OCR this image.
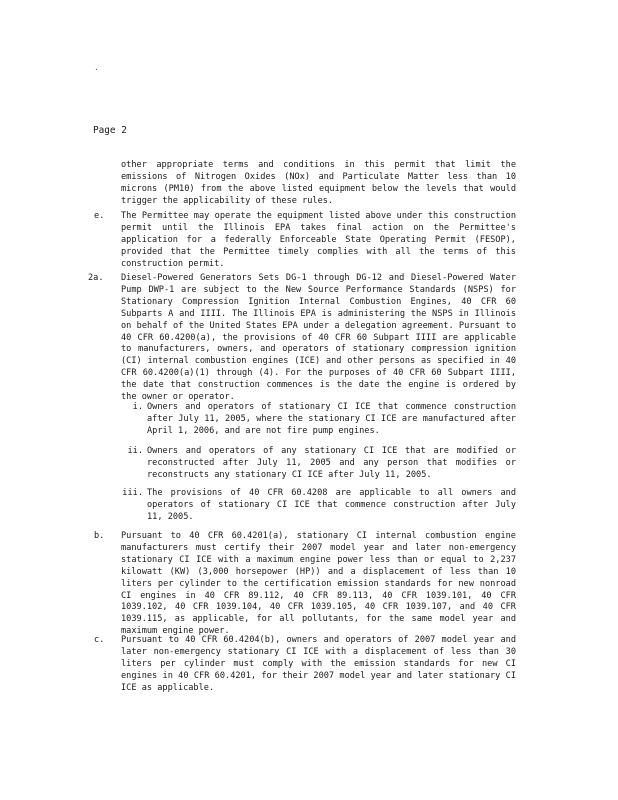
.
Page 2
other appropriate terms and conditions in this permit that limit the emissions of Nitrogen Oxides (NOx) and Particulate Matter less than 10 microns (PM10) from the above listed equipment below the levels that would trigger the applicability of these rules.
e. The Permittee may operate the equipment listed above under this construction permit until the Illinois EPA takes final action on the Permittee's application for a federally Enforceable State Operating Permit (FESOP), provided that the Permittee timely complies with all the terms of this construction permit.
2a. Diesel-Powered Generators Sets DG-1 through DG-12 and Diesel-Powered Water Pump DWP-1 are subject to the New Source Performance Standards (NSPS) for Stationary Compression Ignition Internal Combustion Engines, 40 CFR 60 Subparts A and IIII. The Illinois EPA is administering the NSPS in Illinois on behalf of the United States EPA under a delegation agreement. Pursuant to 40 CFR 60.4200(a), the provisions of 40 CFR 60 Subpart IIII are applicable to manufacturers, owners, and operators of stationary compression ignition (CI) internal combustion engines (ICE) and other persons as specified in 40 CFR 60.4200(a)(1) through (4). For the purposes of 40 CFR 60 Subpart IIII, the date that construction commences is the date the engine is ordered by the owner or operator.
i. Owners and operators of stationary CI ICE that commence construction after July 11, 2005, where the stationary CI ICE are manufactured after April 1, 2006, and are not fire pump engines.
ii. Owners and operators of any stationary CI ICE that are modified or reconstructed after July 11, 2005 and any person that modifies or reconstructs any stationary CI ICE after July 11, 2005.
iii. The provisions of 40 CFR 60.4208 are applicable to all owners and operators of stationary CI ICE that commence construction after July 11, 2005.
b. Pursuant to 40 CFR 60.4201(a), stationary CI internal combustion engine manufacturers must certify their 2007 model year and later non-emergency stationary CI ICE with a maximum engine power less than or equal to 2,237 kilowatt (KW) (3,000 horsepower (HP)) and a displacement of less than 10 liters per cylinder to the certification emission standards for new nonroad CI engines in 40 CFR 89.112, 40 CFR 89.113, 40 CFR 1039.101, 40 CFR 1039.102, 40 CFR 1039.104, 40 CFR 1039.105, 40 CFR 1039.107, and 40 CFR 1039.115, as applicable, for all pollutants, for the same model year and maximum engine power.
c. Pursuant to 40 CFR 60.4204(b), owners and operators of 2007 model year and later non-emergency stationary CI ICE with a displacement of less than 30 liters per cylinder must comply with the emission standards for new CI engines in 40 CFR 60.4201, for their 2007 model year and later stationary CI ICE as applicable.
